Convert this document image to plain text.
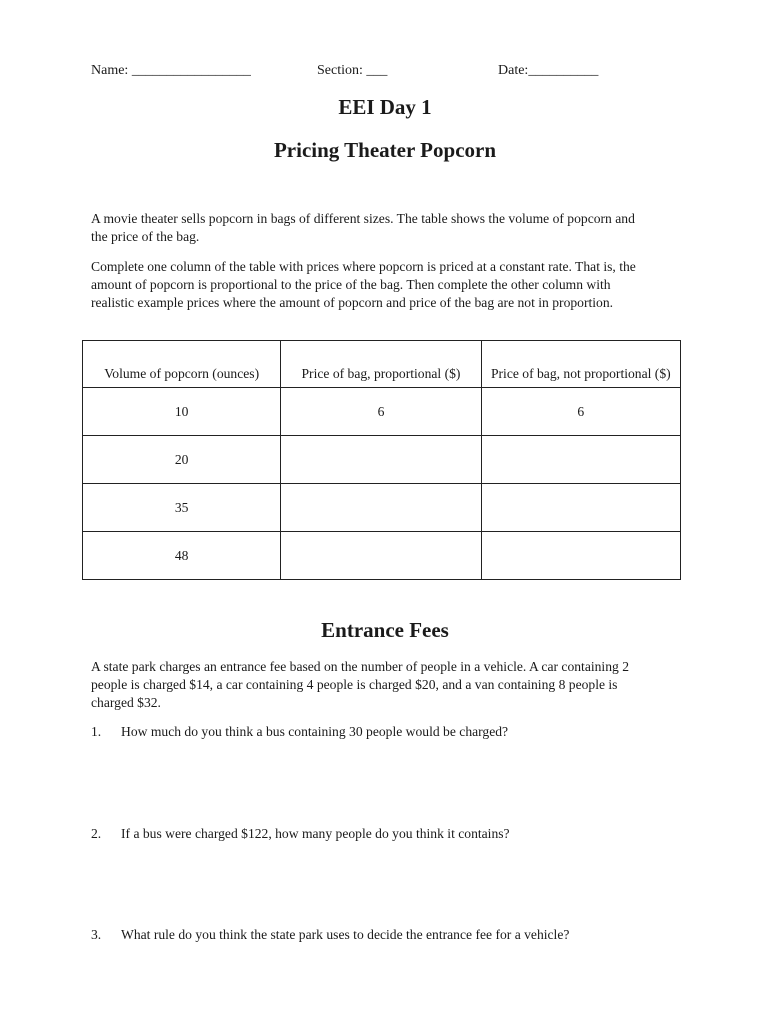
Name: _________________	Section: ___	Date:__________
EEI Day 1
Pricing Theater Popcorn
A movie theater sells popcorn in bags of different sizes. The table shows the volume of popcorn and the price of the bag.
Complete one column of the table with prices where popcorn is priced at a constant rate. That is, the amount of popcorn is proportional to the price of the bag. Then complete the other column with realistic example prices where the amount of popcorn and price of the bag are not in proportion.
Volume of popcorn (ounces)	Price of bag, proportional ($)	Price of bag, not proportional ($)
10	6	6
20		
35		
48		
Entrance Fees
A state park charges an entrance fee based on the number of people in a vehicle. A car containing 2 people is charged $14, a car containing 4 people is charged $20, and a van containing 8 people is charged $32.
1. How much do you think a bus containing 30 people would be charged?
2. If a bus were charged $122, how many people do you think it contains?
3. What rule do you think the state park uses to decide the entrance fee for a vehicle?
